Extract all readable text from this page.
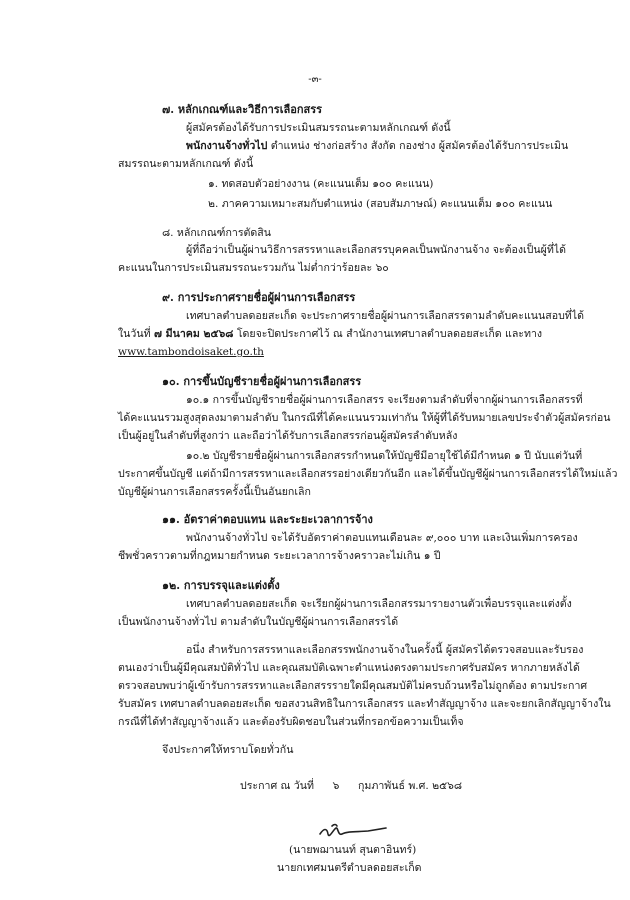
-๓-
๗. หลักเกณฑ์และวิธีการเลือกสรร
ผู้สมัครต้องได้รับการประเมินสมรรถนะตามหลักเกณฑ์ ดังนี้
พนักงานจ้างทั่วไป ตำแหน่ง ช่างก่อสร้าง สังกัด กองช่าง ผู้สมัครต้องได้รับการประเมิน
สมรรถนะตามหลักเกณฑ์ ดังนี้
๑. ทดสอบตัวอย่างงาน (คะแนนเต็ม ๑๐๐ คะแนน)
๒. ภาคความเหมาะสมกับตำแหน่ง (สอบสัมภาษณ์) คะแนนเต็ม ๑๐๐ คะแนน
๘. หลักเกณฑ์การตัดสิน
ผู้ที่ถือว่าเป็นผู้ผ่านวิธีการสรรหาและเลือกสรรบุคคลเป็นพนักงานจ้าง จะต้องเป็นผู้ที่ได้
คะแนนในการประเมินสมรรถนะรวมกัน ไม่ต่ำกว่าร้อยละ ๖๐
๙. การประกาศรายชื่อผู้ผ่านการเลือกสรร
เทศบาลตำบลดอยสะเก็ด จะประกาศรายชื่อผู้ผ่านการเลือกสรรตามลำดับคะแนนสอบที่ได้
ในวันที่ ๗ มีนาคม ๒๕๖๘ โดยจะปิดประกาศไว้ ณ สำนักงานเทศบาลตำบลดอยสะเก็ด และทาง
www.tambondoisaket.go.th
๑๐. การขึ้นบัญชีรายชื่อผู้ผ่านการเลือกสรร
๑๐.๑ การขึ้นบัญชีรายชื่อผู้ผ่านการเลือกสรร จะเรียงตามลำดับที่จากผู้ผ่านการเลือกสรรที่
ได้คะแนนรวมสูงสุดลงมาตามลำดับ ในกรณีที่ได้คะแนนรวมเท่ากัน ให้ผู้ที่ได้รับหมายเลขประจำตัวผู้สมัครก่อน
เป็นผู้อยู่ในลำดับที่สูงกว่า และถือว่าได้รับการเลือกสรรก่อนผู้สมัครลำดับหลัง
๑๐.๒ บัญชีรายชื่อผู้ผ่านการเลือกสรรกำหนดให้บัญชีมีอายุใช้ได้มีกำหนด ๑ ปี นับแต่วันที่
ประกาศขึ้นบัญชี แต่ถ้ามีการสรรหาและเลือกสรรอย่างเดียวกันอีก และได้ขึ้นบัญชีผู้ผ่านการเลือกสรรได้ใหม่แล้ว
บัญชีผู้ผ่านการเลือกสรรครั้งนี้เป็นอันยกเลิก
๑๑. อัตราค่าตอบแทน และระยะเวลาการจ้าง
พนักงานจ้างทั่วไป จะได้รับอัตราค่าตอบแทนเดือนละ ๙,๐๐๐ บาท และเงินเพิ่มการครอง
ชีพชั่วคราวตามที่กฎหมายกำหนด ระยะเวลาการจ้างคราวละไม่เกิน ๑ ปี
๑๒. การบรรจุและแต่งตั้ง
เทศบาลตำบลดอยสะเก็ด จะเรียกผู้ผ่านการเลือกสรรมารายงานตัวเพื่อบรรจุและแต่งตั้ง
เป็นพนักงานจ้างทั่วไป ตามลำดับในบัญชีผู้ผ่านการเลือกสรรได้
อนึ่ง สำหรับการสรรหาและเลือกสรรพนักงานจ้างในครั้งนี้ ผู้สมัครได้ตรวจสอบและรับรอง
ตนเองว่าเป็นผู้มีคุณสมบัติทั่วไป และคุณสมบัติเฉพาะตำแหน่งตรงตามประกาศรับสมัคร หากภายหลังได้
ตรวจสอบพบว่าผู้เข้ารับการสรรหาและเลือกสรรรายใดมีคุณสมบัติไม่ครบถ้วนหรือไม่ถูกต้อง ตามประกาศ
รับสมัคร เทศบาลตำบลดอยสะเก็ด ขอสงวนสิทธิในการเลือกสรร และทำสัญญาจ้าง และจะยกเลิกสัญญาจ้างใน
กรณีที่ได้ทำสัญญาจ้างแล้ว และต้องรับผิดชอบในส่วนที่กรอกข้อความเป็นเท็จ
จึงประกาศให้ทราบโดยทั่วกัน
ประกาศ ณ วันที่ ๖ กุมภาพันธ์ พ.ศ. ๒๕๖๘
(นายพฌานนท์ สุนตาอินทร์)
นายกเทศมนตรีตำบลดอยสะเก็ด
